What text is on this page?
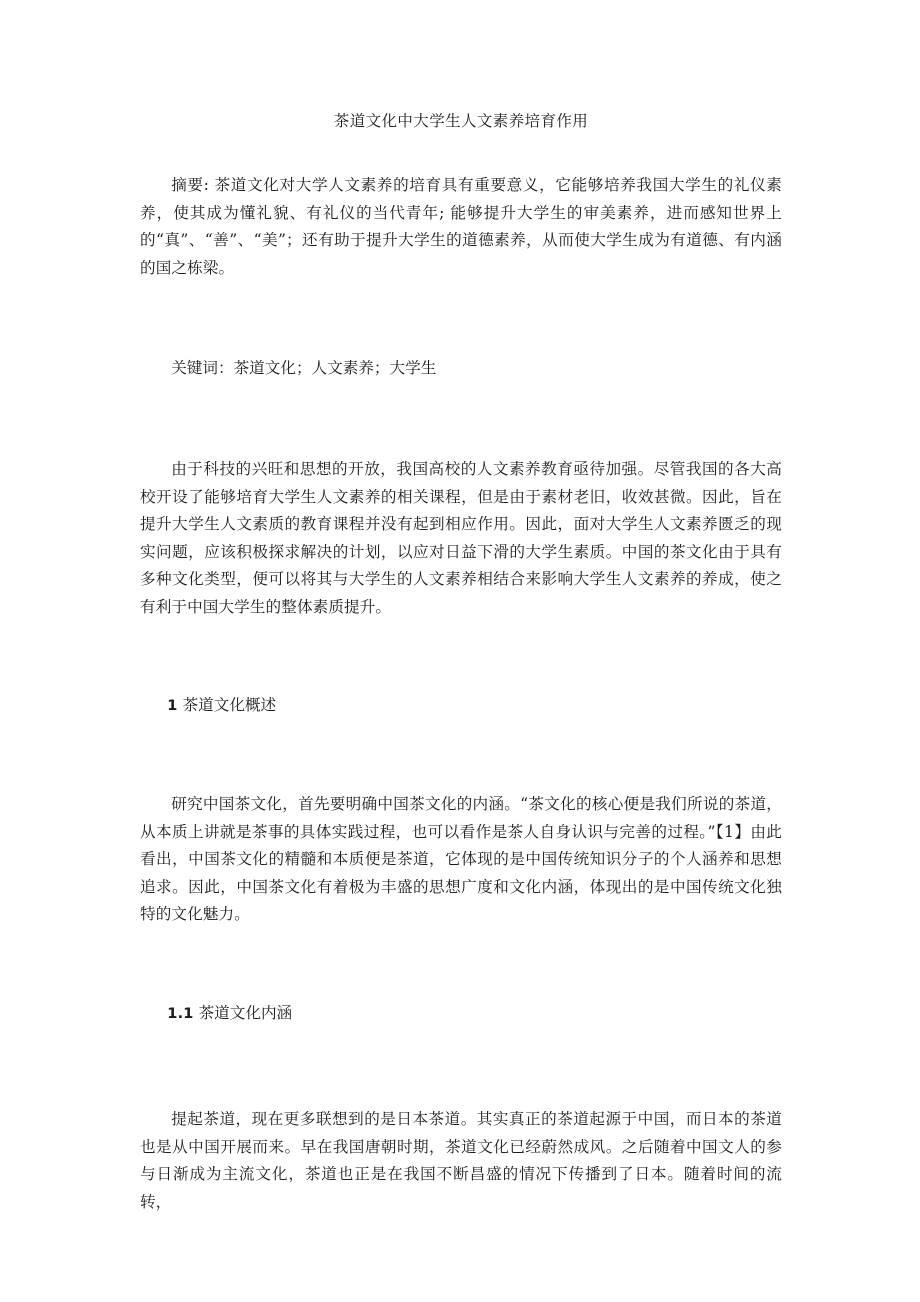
茶道文化中大学生人文素养培育作用
摘要: 茶道文化对大学人文素养的培育具有重要意义，它能够培养我国大学生的礼仪素养，使其成为懂礼貌、有礼仪的当代青年; 能够提升大学生的审美素养，进而感知世界上的“真”、“善”、“美”；还有助于提升大学生的道德素养，从而使大学生成为有道德、有内涵的国之栋梁。
关键词：茶道文化；人文素养；大学生
由于科技的兴旺和思想的开放，我国高校的人文素养教育亟待加强。尽管我国的各大高校开设了能够培育大学生人文素养的相关课程，但是由于素材老旧，收效甚微。因此，旨在提升大学生人文素质的教育课程并没有起到相应作用。因此，面对大学生人文素养匮乏的现实问题，应该积极探求解决的计划，以应对日益下滑的大学生素质。中国的茶文化由于具有多种文化类型，便可以将其与大学生的人文素养相结合来影响大学生人文素养的养成，使之有利于中国大学生的整体素质提升。
1 茶道文化概述
研究中国茶文化，首先要明确中国茶文化的内涵。“茶文化的核心便是我们所说的茶道，从本质上讲就是茶事的具体实践过程，也可以看作是茶人自身认识与完善的过程。”【1】由此看出，中国茶文化的精髓和本质便是茶道，它体现的是中国传统知识分子的个人涵养和思想追求。因此，中国茶文化有着极为丰盛的思想广度和文化内涵，体现出的是中国传统文化独特的文化魅力。
1.1 茶道文化内涵
提起茶道，现在更多联想到的是日本茶道。其实真正的茶道起源于中国，而日本的茶道也是从中国开展而来。早在我国唐朝时期，茶道文化已经蔚然成风。之后随着中国文人的参与日渐成为主流文化，茶道也正是在我国不断昌盛的情况下传播到了日本。随着时间的流转，
